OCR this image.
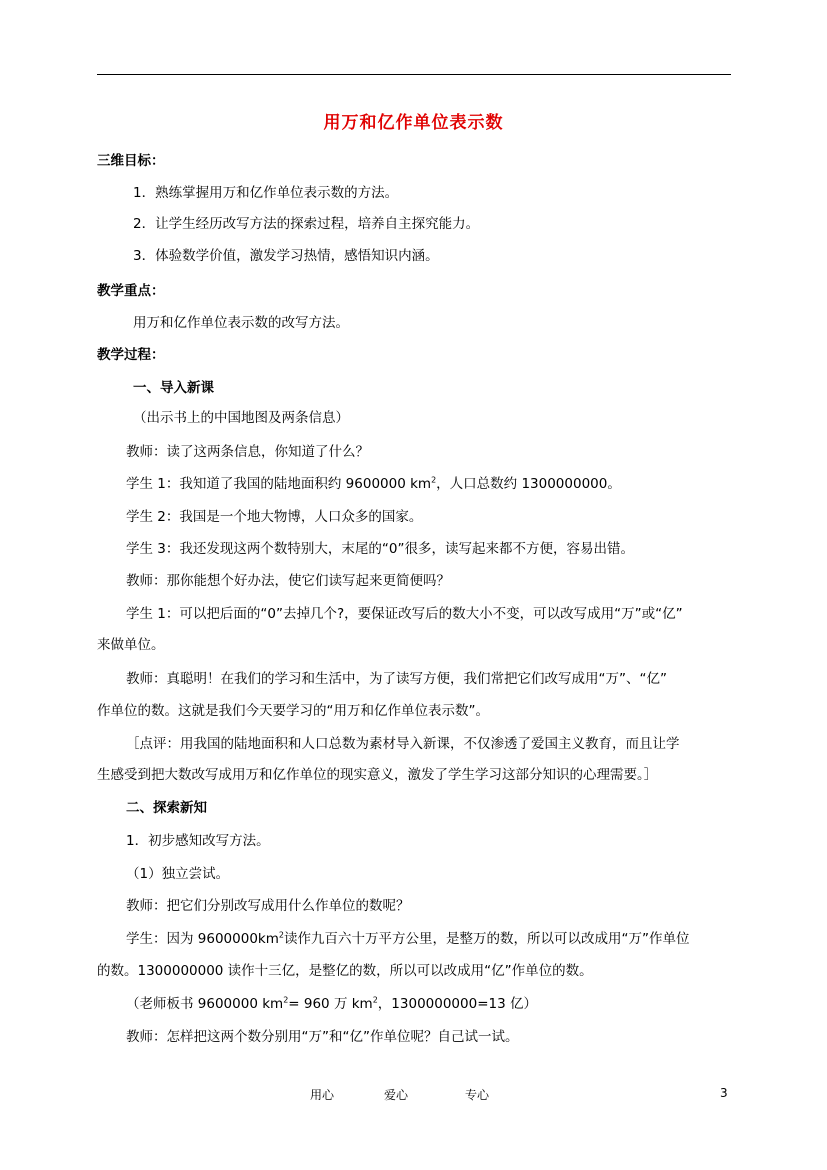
用万和亿作单位表示数
三维目标：
1．熟练掌握用万和亿作单位表示数的方法。
2．让学生经历改写方法的探索过程，培养自主探究能力。
3．体验数学价值，激发学习热情，感悟知识内涵。
教学重点：
用万和亿作单位表示数的改写方法。
教学过程：
一、导入新课
（出示书上的中国地图及两条信息）
教师：读了这两条信息，你知道了什么？
学生 1：我知道了我国的陆地面积约 9600000 $km^2$，人口总数约 1300000000。
学生 2：我国是一个地大物博，人口众多的国家。
学生 3：我还发现这两个数特别大，末尾的“0”很多，读写起来都不方便，容易出错。
教师：那你能想个好办法，使它们读写起来更简便吗？
学生 1：可以把后面的“0”去掉几个?，要保证改写后的数大小不变，可以改写成用“万”或“亿”
来做单位。
教师：真聪明！在我们的学习和生活中，为了读写方便，我们常把它们改写成用“万”、“亿”
作单位的数。这就是我们今天要学习的“用万和亿作单位表示数”。
［点评：用我国的陆地面积和人口总数为素材导入新课，不仅渗透了爱国主义教育，而且让学
生感受到把大数改写成用万和亿作单位的现实意义，激发了学生学习这部分知识的心理需要。］
二、探索新知
1．初步感知改写方法。
（1）独立尝试。
教师：把它们分别改写成用什么作单位的数呢？
学生：因为 $9600000km^2$读作九百六十万平方公里，是整万的数，所以可以改成用“万”作单位
的数。1300000000 读作十三亿，是整亿的数，所以可以改成用“亿”作单位的数。
（老师板书 9600000 $km^2= 960$ 万 $km^2$，1300000000=13 亿）
教师：怎样把这两个数分别用“万”和“亿”作单位呢？自己试一试。
用心	爱心	专心	3
